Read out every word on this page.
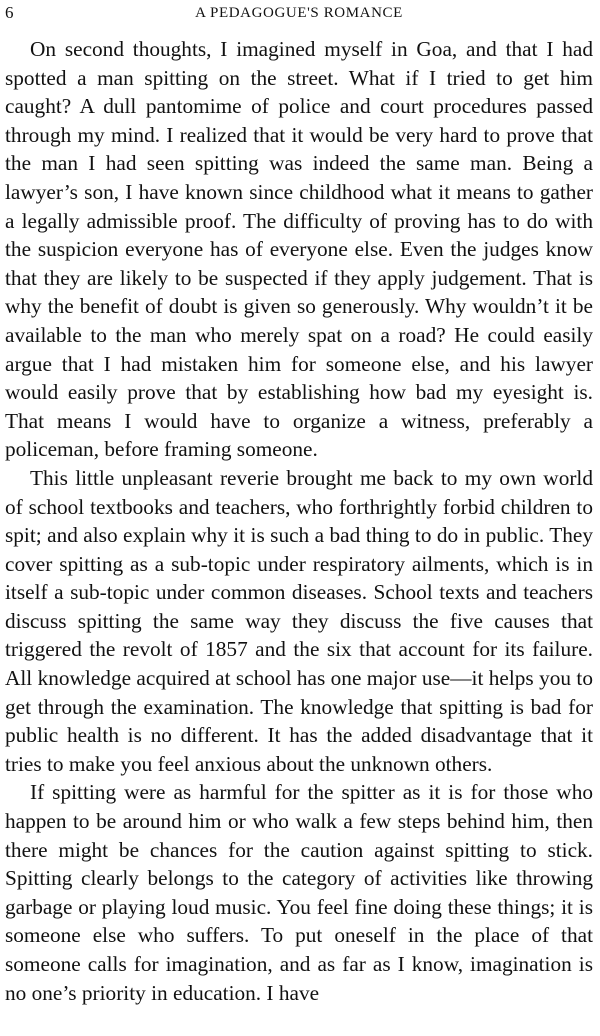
6	A PEDAGOGUE'S ROMANCE

On second thoughts, I imagined myself in Goa, and that I had spotted a man spitting on the street. What if I tried to get him caught? A dull pantomime of police and court procedures passed through my mind. I realized that it would be very hard to prove that the man I had seen spitting was indeed the same man. Being a lawyer’s son, I have known since childhood what it means to gather a legally admissible proof. The difficulty of proving has to do with the suspicion everyone has of everyone else. Even the judges know that they are likely to be suspected if they apply judgement. That is why the benefit of doubt is given so generously. Why wouldn’t it be available to the man who merely spat on a road? He could easily argue that I had mistaken him for someone else, and his lawyer would easily prove that by establishing how bad my eyesight is. That means I would have to organize a witness, preferably a policeman, before framing someone.

This little unpleasant reverie brought me back to my own world of school textbooks and teachers, who forthrightly forbid children to spit; and also explain why it is such a bad thing to do in public. They cover spitting as a sub-topic under respiratory ailments, which is in itself a sub-topic under common diseases. School texts and teachers discuss spitting the same way they discuss the five causes that triggered the revolt of 1857 and the six that account for its failure. All knowledge acquired at school has one major use—it helps you to get through the examination. The knowledge that spitting is bad for public health is no different. It has the added disadvantage that it tries to make you feel anxious about the unknown others.

If spitting were as harmful for the spitter as it is for those who happen to be around him or who walk a few steps behind him, then there might be chances for the caution against spitting to stick. Spitting clearly belongs to the category of activities like throwing garbage or playing loud music. You feel fine doing these things; it is someone else who suffers. To put oneself in the place of that someone calls for imagination, and as far as I know, imagination is no one’s priority in education. I have
